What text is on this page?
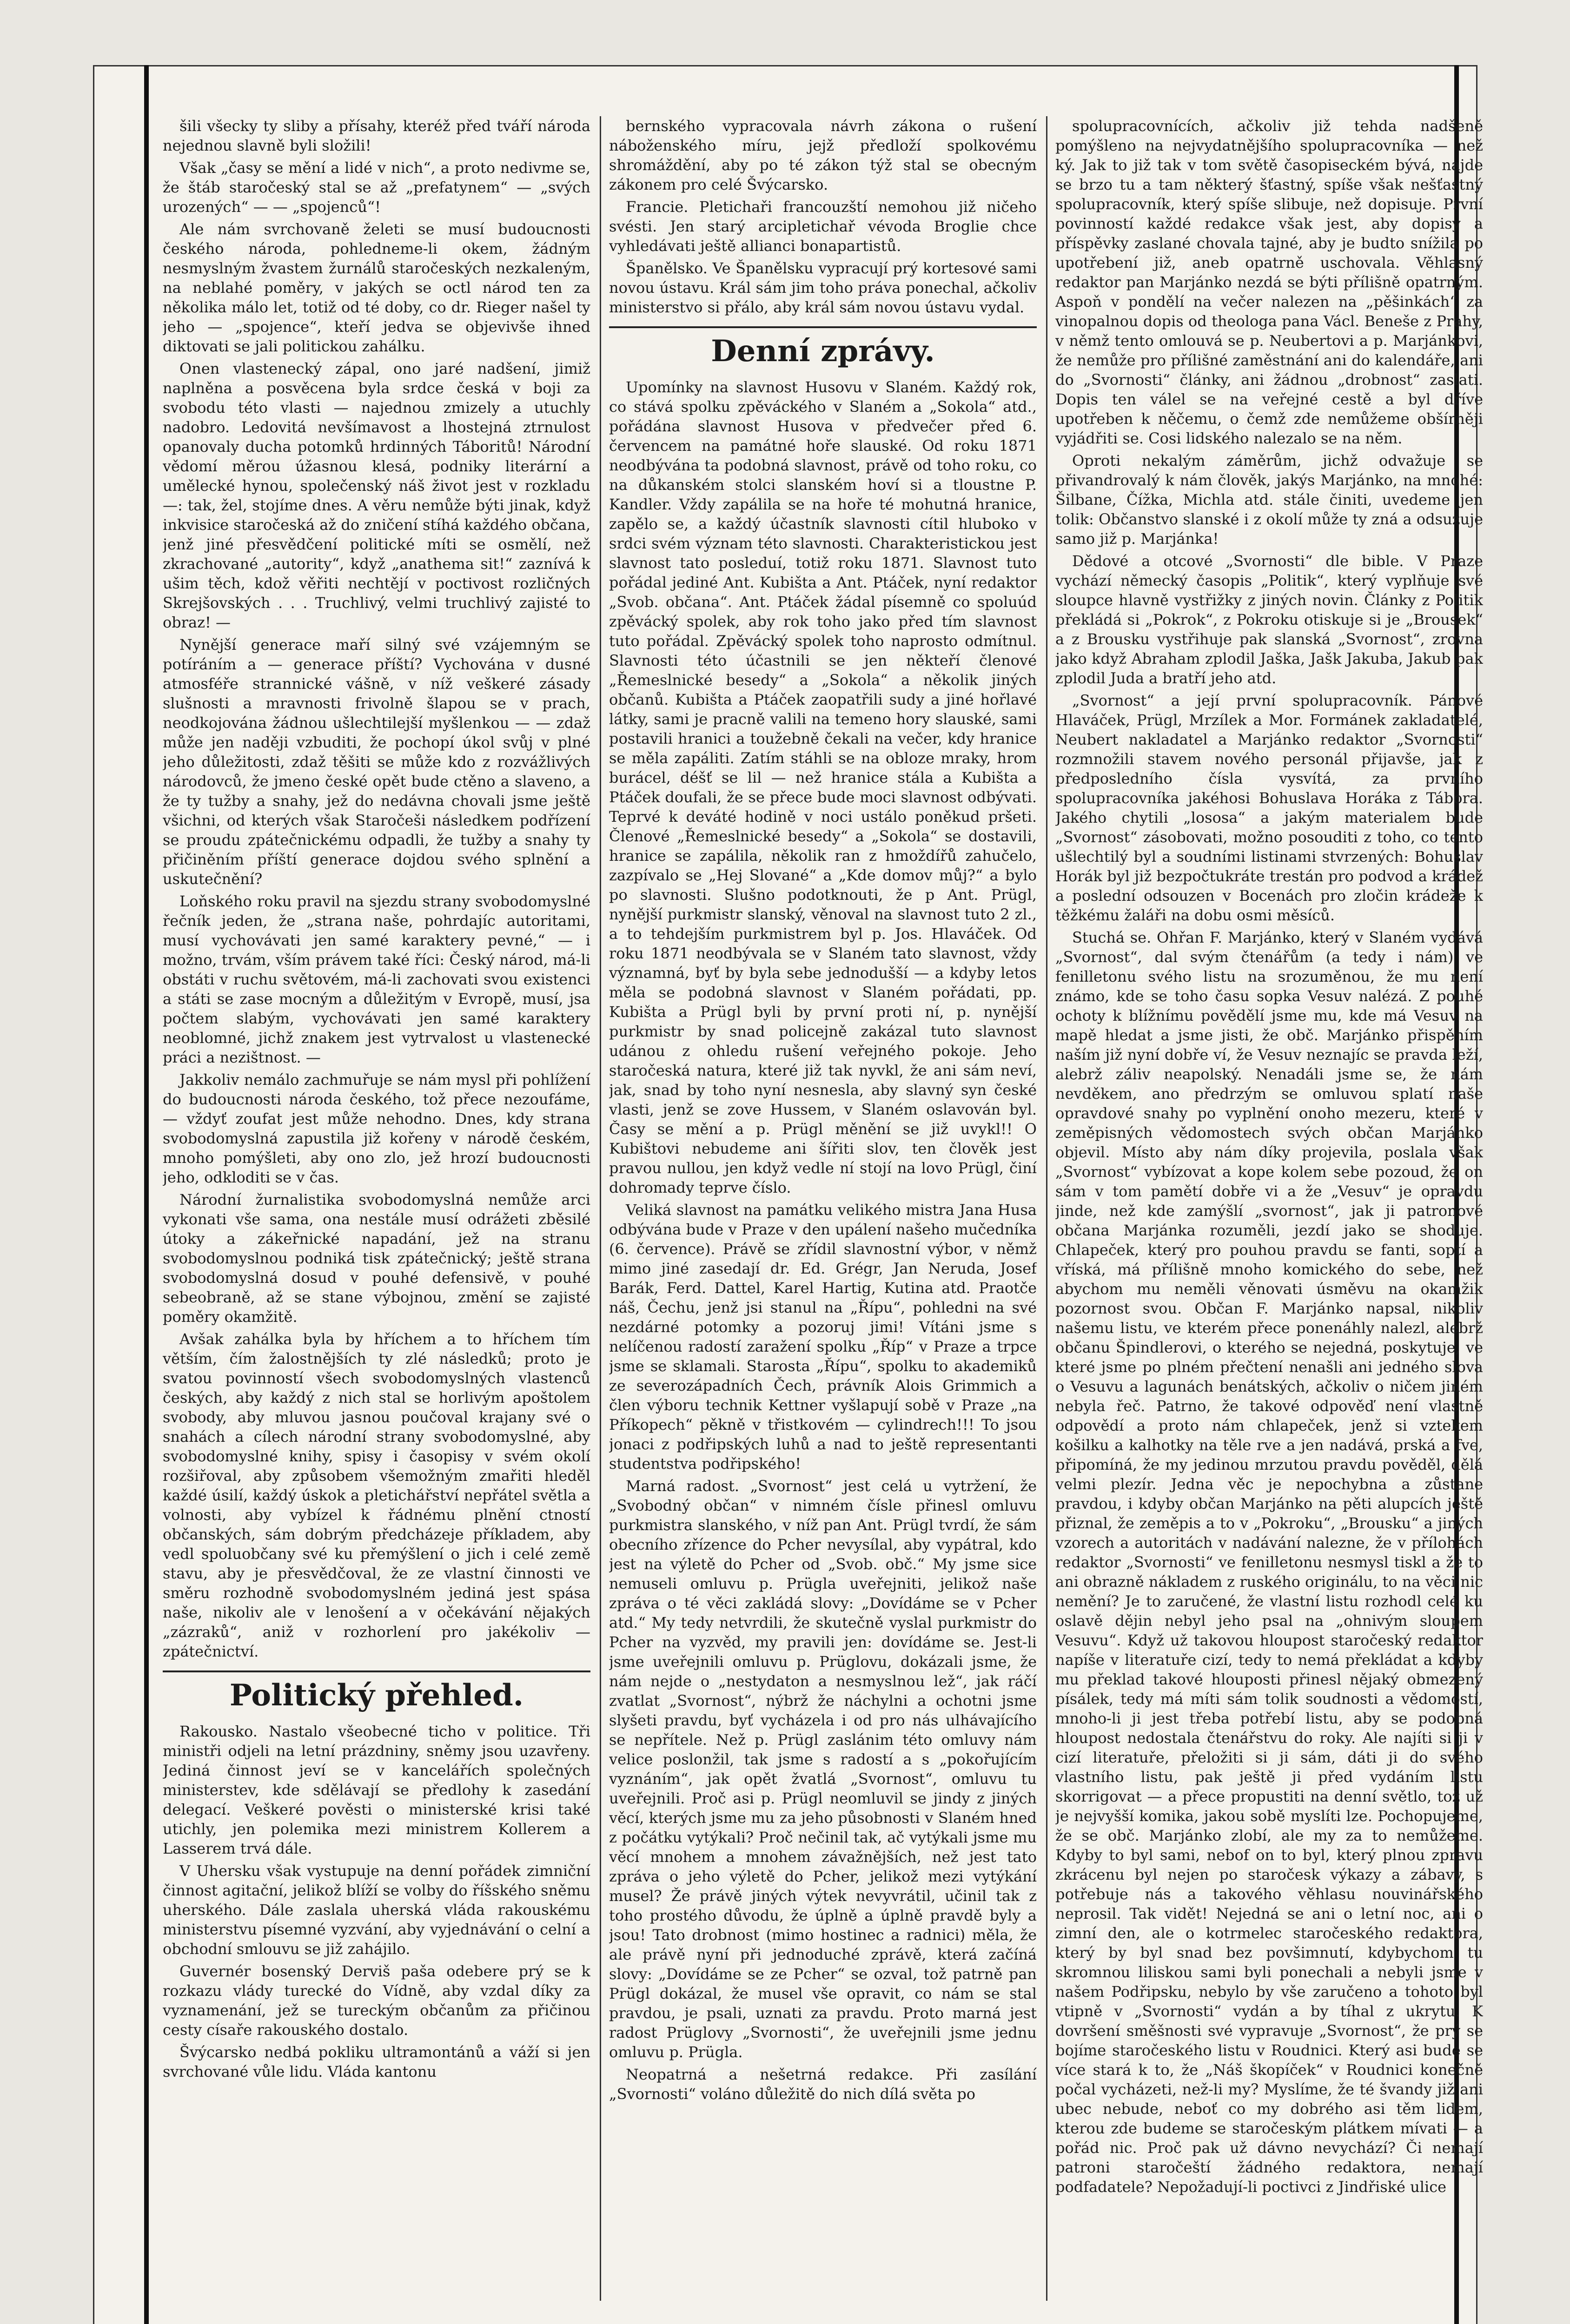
šili všecky ty sliby a přísahy, kteréž před tváří národa nejednou slavně byli složili!

Však „časy se mění a lidé v nich“, a proto nedivme se, že štáb staročeský stal se až „prefatynem“ — „svých urozených“ — — „spojenců“!

Ale nám svrchovaně želeti se musí budoucnosti českého národa, pohledneme-li okem, žádným nesmyslným žvastem žurnálů staročeských nezkaleným, na neblahé poměry, v jakých se octl národ ten za několika málo let, totiž od té doby, co dr. Rieger našel ty jeho — „spojence“, kteří jedva se objevivše ihned diktovati se jali politickou zahálku.

Onen vlastenecký zápal, ono jaré nadšení, jimiž naplněna a posvěcena byla srdce česká v boji za svobodu této vlasti — najednou zmizely a utuchly nadobro. Ledovitá nevšímavost a lhostejná ztrnulost opanovaly ducha potomků hrdinných Táboritů! Národní vědomí měrou úžasnou klesá, podniky literární a umělecké hynou, společenský náš život jest v rozkladu —: tak, žel, stojíme dnes. A věru nemůže býti jinak, když inkvisice staročeská až do zničení stíhá každého občana, jenž jiné přesvědčení politické míti se osmělí, než zkrachované „autority“, když „anathema sit!“ zaznívá k ušim těch, kdož věřiti nechtějí v poctivost rozličných Skrejšovských . . . Truchlivý, velmi truchlivý zajisté to obraz! —

Nynější generace maří silný své vzájemným se potíráním a — generace příští? Vychována v dusné atmosféře strannické vášně, v níž veškeré zásady slušnosti a mravnosti frivolně šlapou se v prach, neodkojována žádnou ušlechtilejší myšlenkou — — zdaž může jen naději vzbuditi, že pochopí úkol svůj v plné jeho důležitosti, zdaž těšiti se může kdo z rozvážlivých národovců, že jmeno české opět bude ctěno a slaveno, a že ty tužby a snahy, jež do nedávna chovali jsme ještě všichni, od kterých však Staročeši následkem podřízení se proudu zpátečnickému odpadli, že tužby a snahy ty přičiněním příští generace dojdou svého splnění a uskutečnění?

Loňského roku pravil na sjezdu strany svobodomyslné řečník jeden, že „strana naše, pohrdajíc autoritami, musí vychovávati jen samé karaktery pevné,“ — i možno, trvám, vším právem také říci: Český národ, má-li obstáti v ruchu světovém, má-li zachovati svou existenci a státi se zase mocným a důležitým v Evropě, musí, jsa počtem slabým, vychovávati jen samé karaktery neoblomné, jichž znakem jest vytrvalost u vlastenecké práci a nezištnost. —

Jakkoliv nemálo zachmuřuje se nám mysl při pohlížení do budoucnosti národa českého, tož přece nezoufáme, — vždyť zoufat jest může nehodno. Dnes, kdy strana svobodomyslná zapustila již kořeny v národě českém, mnoho pomýšleti, aby ono zlo, jež hrozí budoucnosti jeho, odkloditi se v čas.

Národní žurnalistika svobodomyslná nemůže arci vykonati vše sama, ona nestále musí odrážeti zběsilé útoky a zákeřnické napadání, jež na stranu svobodomyslnou podniká tisk zpátečnický; ještě strana svobodomyslná dosud v pouhé defensivě, v pouhé sebeobraně, až se stane výbojnou, změní se zajisté poměry okamžitě.

Avšak zahálka byla by hříchem a to hříchem tím větším, čím žalostnějších ty zlé následků; proto je svatou povinností všech svobodomyslných vlastenců českých, aby každý z nich stal se horlivým apoštolem svobody, aby mluvou jasnou poučoval krajany své o snahách a cílech národní strany svobodomyslné, aby svobodomyslné knihy, spisy i časopisy v svém okolí rozšiřoval, aby způsobem všemožným zmařiti hleděl každé úsilí, každý úskok a pletichářství nepřátel světla a volnosti, aby vybízel k řádnému plnění ctností občanských, sám dobrým předcházeje příkladem, aby vedl spoluobčany své ku přemýšlení o jich i celé země stavu, aby je přesvědčoval, že ze vlastní činnosti ve směru rozhodně svobodomyslném jediná jest spása naše, nikoliv ale v lenošení a v očekávání nějakých „zázraků“, aniž v rozhorlení pro jakékoliv — zpátečnictví.

Politický přehled.

Rakousko. Nastalo všeobecné ticho v politice. Tři ministři odjeli na letní prázdniny, sněmy jsou uzavřeny. Jediná činnost jeví se v kancelářích společných ministerstev, kde sdělávají se předlohy k zasedání delegací. Veškeré pověsti o ministerské krisi také utichly, jen polemika mezi ministrem Kollerem a Lasserem trvá dále.

V Uhersku však vystupuje na denní pořádek zimniční činnost agitační, jelikož blíží se volby do říšského sněmu uherského. Dále zaslala uherská vláda rakouskému ministerstvu písemné vyzvání, aby vyjednávání o celní a obchodní smlouvu se již zahájilo.

Guvernér bosenský Derviš paša odebere prý se k rozkazu vlády turecké do Vídně, aby vzdal díky za vyznamenání, jež se tureckým občanům za přičinou cesty císaře rakouského dostalo.

Švýcarsko nedbá pokliku ultramontánů a váží si jen svrchované vůle lidu. Vláda kantonu

bernského vypracovala návrh zákona o rušení náboženského míru, jejž předloží spolkovému shromáždění, aby po té zákon týž stal se obecným zákonem pro celé Švýcarsko.

Francie. Pletichaři francouzští nemohou již ničeho svésti. Jen starý arcipletichař vévoda Broglie chce vyhledávati ještě allianci bonapartistů.

Španělsko. Ve Španělsku vypracují prý kortesové sami novou ústavu. Král sám jim toho práva ponechal, ačkoliv ministerstvo si přálo, aby král sám novou ústavu vydal.

Denní zprávy.

Upomínky na slavnost Husovu v Slaném. Každý rok, co stává spolku zpěváckého v Slaném a „Sokola“ atd., pořádána slavnost Husova v předvečer před 6. červencem na památné hoře slauské. Od roku 1871 neodbývána ta podobná slavnost, právě od toho roku, co na důkanském stolci slanském hoví si a tloustne P. Kandler. Vždy zapálila se na hoře té mohutná hranice, zapělo se, a každý účastník slavnosti cítil hluboko v srdci svém význam této slavnosti. Charakteristickou jest slavnost tato posleduí, totiž roku 1871. Slavnost tuto pořádal jediné Ant. Kubišta a Ant. Ptáček, nyní redaktor „Svob. občana“. Ant. Ptáček žádal písemně co spoluúd zpěvácký spolek, aby rok toho jako před tím slavnost tuto pořádal. Zpěvácký spolek toho naprosto odmítnul. Slavnosti této účastnili se jen někteří členové „Řemeslnické besedy“ a „Sokola“ a několik jiných občanů. Kubišta a Ptáček zaopatřili sudy a jiné hořlavé látky, sami je pracně valili na temeno hory slauské, sami postavili hranici a toužebně čekali na večer, kdy hranice se měla zapáliti. Zatím stáhli se na obloze mraky, hrom burácel, déšť se lil — než hranice stála a Kubišta a Ptáček doufali, že se přece bude moci slavnost odbývati. Teprvé k deváté hodině v noci ustálo poněkud pršeti. Členové „Řemeslnické besedy“ a „Sokola“ se dostavili, hranice se zapálila, několik ran z hmoždířů zahučelo, zazpívalo se „Hej Slované“ a „Kde domov můj?“ a bylo po slavnosti. Slušno podotknouti, že p Ant. Prügl, nynější purkmistr slanský, věnoval na slavnost tuto 2 zl., a to tehdejším purkmistrem byl p. Jos. Hlaváček. Od roku 1871 neodbývala se v Slaném tato slavnost, vždy významná, byť by byla sebe jednodušší — a kdyby letos měla se podobná slavnost v Slaném pořádati, pp. Kubišta a Prügl byli by první proti ní, p. nynější purkmistr by snad policejně zakázal tuto slavnost udánou z ohledu rušení veřejného pokoje. Jeho staročeská natura, které již tak nyvkl, že ani sám neví, jak, snad by toho nyní nesnesla, aby slavný syn české vlasti, jenž se zove Hussem, v Slaném oslavován byl. Časy se mění a p. Prügl měnění se již uvykl!! O Kubištovi nebudeme ani šířiti slov, ten člověk jest pravou nullou, jen když vedle ní stojí na lovo Prügl, činí dohromady teprve číslo.

Veliká slavnost na památku velikého mistra Jana Husa odbývána bude v Praze v den upálení našeho mučedníka (6. července). Právě se zřídil slavnostní výbor, v němž mimo jiné zasedají dr. Ed. Grégr, Jan Neruda, Josef Barák, Ferd. Dattel, Karel Hartig, Kutina atd. Praotče náš, Čechu, jenž jsi stanul na „Řípu“, pohledni na své nezdárné potomky a pozoruj jimi! Vítáni jsme s nelíčenou radostí zaražení spolku „Říp“ v Praze a trpce jsme se sklamali. Starosta „Řípu“, spolku to akademiků ze severozápadních Čech, právník Alois Grimmich a člen výboru technik Kettner vyšlapují sobě v Praze „na Příkopech“ pěkně v třistkovém — cylindrech!!! To jsou jonaci z podřipských luhů a nad to ještě representanti studentstva podřipského!

Marná radost. „Svornost“ jest celá u vytržení, že „Svobodný občan“ v nimném čísle přinesl omluvu purkmistra slanského, v níž pan Ant. Prügl tvrdí, že sám obecního zřízence do Pcher nevysílal, aby vypátral, kdo jest na výletě do Pcher od „Svob. obč.“ My jsme sice nemuseli omluvu p. Prügla uveřejniti, jelikož naše zpráva o té věci zakládá slovy: „Dovídáme se v Pcher atd.“ My tedy netvrdili, že skutečně vyslal purkmistr do Pcher na vyzvěd, my pravili jen: dovídáme se. Jest-li jsme uveřejnili omluvu p. Prüglovu, dokázali jsme, že nám nejde o „nestydaton a nesmyslnou lež“, jak ráčí zvatlat „Svornost“, nýbrž že náchylni a ochotni jsme slyšeti pravdu, byť vycházela i od pro nás ulhávajícího se nepřítele. Než p. Prügl zaslánim této omluvy nám velice poslonžil, tak jsme s radostí a s „pokořujícím vyznáním“, jak opět žvatlá „Svornost“, omluvu tu uveřejnili. Proč asi p. Prügl neomluvil se jindy z jiných věcí, kterých jsme mu za jeho působnosti v Slaném hned z počátku vytýkali? Proč nečinil tak, ač vytýkali jsme mu věcí mnohem a mnohem závažnějších, než jest tato zpráva o jeho výletě do Pcher, jelikož mezi vytýkání musel? Že právě jiných výtek nevyvrátil, učinil tak z toho prostého důvodu, že úplně a úplně pravdě byly a jsou! Tato drobnost (mimo hostinec a radnici) měla, že ale právě nyní při jednoduché zprávě, která začíná slovy: „Dovídáme se ze Pcher“ se ozval, tož patrně pan Prügl dokázal, že musel vše opravit, co nám se stal pravdou, je psali, uznati za pravdu. Proto marná jest radost Prüglovy „Svornosti“, že uveřejnili jsme jednu omluvu p. Prügla.

Neopatrná a nešetrná redakce. Při zasílání „Svornosti“ voláno důležitě do nich dílá světa po

spolupracovnících, ačkoliv již tehda nadšeně pomýšleno na nejvydatnějšího spolupracovníka — než ký. Jak to již tak v tom světě časopiseckém bývá, najde se brzo tu a tam některý šťastný, spíše však nešťastný spolupracovník, který spíše slibuje, než dopisuje. První povinností každé redakce však jest, aby dopisy a příspěvky zaslané chovala tajné, aby je budto snížila po upotřebení již, aneb opatrně uschovala. Věhlasný redaktor pan Marjánko nezdá se býti přílišně opatrným. Aspoň v pondělí na večer nalezen na „pěšinkách“ za vinopalnou dopis od theologa pana Václ. Beneše z Prahy, v němž tento omlouvá se p. Neubertovi a p. Marjánkovi, že nemůže pro přílišné zaměstnání ani do kalendáře, ani do „Svornosti“ články, ani žádnou „drobnost“ zaslati. Dopis ten válel se na veřejné cestě a byl dříve upotřeben k něčemu, o čemž zde nemůžeme obšírněji vyjádřiti se. Cosi lidského nalezalo se na něm.

Oproti nekalým záměrům, jichž odvažuje se přivandrovalý k nám člověk, jakýs Marjánko, na mnohé: Šilbane, Čížka, Michla atd. stále činiti, uvedeme jen tolik: Občanstvo slanské i z okolí může ty zná a odsuzuje samo již p. Marjánka!

Dědové a otcové „Svornosti“ dle bible. V Praze vychází německý časopis „Politik“, který vyplňuje své sloupce hlavně vystřižky z jiných novin. Články z Politik překládá si „Pokrok“, z Pokroku otiskuje si je „Brousek“ a z Brousku vystřihuje pak slanská „Svornost“, zrovna jako když Abraham zplodil Jaška, Jašk Jakuba, Jakub pak zplodil Juda a bratří jeho atd.

„Svornost“ a její první spolupracovník. Pánové Hlaváček, Prügl, Mrzílek a Mor. Formánek zakladatelé, Neubert nakladatel a Marjánko redaktor „Svornosti“ rozmnožili stavem nového personál přijavše, jak z předposledního čísla vysvítá, za prvního spolupracovníka jakéhosi Bohuslava Horáka z Tábora. Jakého chytili „lososa“ a jakým materialem bude „Svornost“ zásobovati, možno posouditi z toho, co tento ušlechtilý byl a soudními listinami stvrzených: Bohuslav Horák byl již bezpočtukráte trestán pro podvod a krádež a poslední odsouzen v Bocenách pro zločin krádeže k těžkému žaláři na dobu osmi měsíců.

Stuchá se. Ohřan F. Marjánko, který v Slaném vydává „Svornost“, dal svým čtenářům (a tedy i nám) ve fenilletonu svého listu na srozuměnou, že mu není známo, kde se toho času sopka Vesuv nalézá. Z pouhé ochoty k blížnímu povědělí jsme mu, kde má Vesuv na mapě hledat a jsme jisti, že obč. Marjánko přispěním naším již nyní dobře ví, že Vesuv neznajíc se pravda leží, alebrž záliv neapolský. Nenadáli jsme se, že nám nevděkem, ano předrzým se omluvou splatí naše opravdové snahy po vyplnění onoho mezeru, které v zeměpisných vědomostech svých občan Marjánko objevil. Místo aby nám díky projevila, poslala však „Svornost“ vybízovat a kope kolem sebe pozoud, že on sám v tom pamětí dobře vi a že „Vesuv“ je opravdu jinde, než kde zamýšlí „svornost“, jak ji patronové občana Marjánka rozuměli, jezdí jako se shoduje. Chlapeček, který pro pouhou pravdu se fanti, soptí a vříská, má přílišně mnoho komického do sebe, než abychom mu neměli věnovati úsměvu na okamžik pozornost svou. Občan F. Marjánko napsal, nikoliv našemu listu, ve kterém přece ponenáhly nalezl, alebrž občanu Špindlerovi, o kterého se nejedná, poskytuje, ve které jsme po plném přečtení nenašli ani jedného slova o Vesuvu a lagunách benátských, ačkoliv o ničem jiném nebyla řeč. Patrno, že takové odpověď není vlastně odpovědí a proto nám chlapeček, jenž si vztekem košilku a kalhotky na těle rve a jen nadává, prská a fve, připomíná, že my jedinou mrzutou pravdu pověděl, dělá velmi plezír. Jedna věc je nepochybna a zůstane pravdou, i kdyby občan Marjánko na pěti alupcích ještě přiznal, že zeměpis a to v „Pokroku“, „Brousku“ a jiných vzorech a autoritách v nadávání nalezne, že v přílohách redaktor „Svornosti“ ve fenilletonu nesmysl tiskl a že to ani obrazně nákladem z ruského originálu, to na věci nic nemění? Je to zaručené, že vlastní listu rozhodl celé ku oslavě dějin nebyl jeho psal na „ohnivým sloupem Vesuvu“. Když už takovou hloupost staročeský redaktor napíše v literatuře cizí, tedy to nemá překládat a kdyby mu překlad takové hlouposti přinesl nějaký obmezený písálek, tedy má míti sám tolik soudnosti a vědomostí, mnoho-li ji jest třeba potřebí listu, aby se podobná hloupost nedostala čtenářstvu do roky. Ale najíti si ji v cizí literatuře, přeložiti si ji sám, dáti ji do svého vlastního listu, pak ještě ji před vydáním listu skorrigovat — a přece propustiti na denní světlo, tož už je nejvyšší komika, jakou sobě myslíti lze. Pochopujeme, že se obč. Marjánko zlobí, ale my za to nemůžeme. Kdyby to byl sami, nebof on to byl, který plnou zpravu zkrácenu byl nejen po staročesk výkazy a zábavy, s potřebuje nás a takového věhlasu nouvinářského neprosil. Tak vidět! Nejedná se ani o letní noc, ani o zimní den, ale o kotrmelec staročeského redaktora, který by byl snad bez povšimnutí, kdybychom tu skromnou liliskou sami byli ponechali a nebyli jsme v našem Podřipsku, nebylo by vše zaručeno a tohoto byl vtipně v „Svornosti“ vydán a by tíhal z ukrytu. K dovršení směšnosti své vypravuje „Svornost“, že prý se bojíme staročeského listu v Roudnici. Který asi bude se více stará k to, že „Náš škopíček“ v Roudnici konečně počal vycházeti, než-li my? Myslíme, že té švandy již ani ubec nebude, neboť co my dobrého asi těm lidem, kterou zde budeme se staročeským plátkem mívati — a pořád nic. Proč pak už dávno nevychází? Či nemají patroni staročeští žádného redaktora, nemají podfadatele? Nepožadují-li poctivci z Jindřiské ulice
